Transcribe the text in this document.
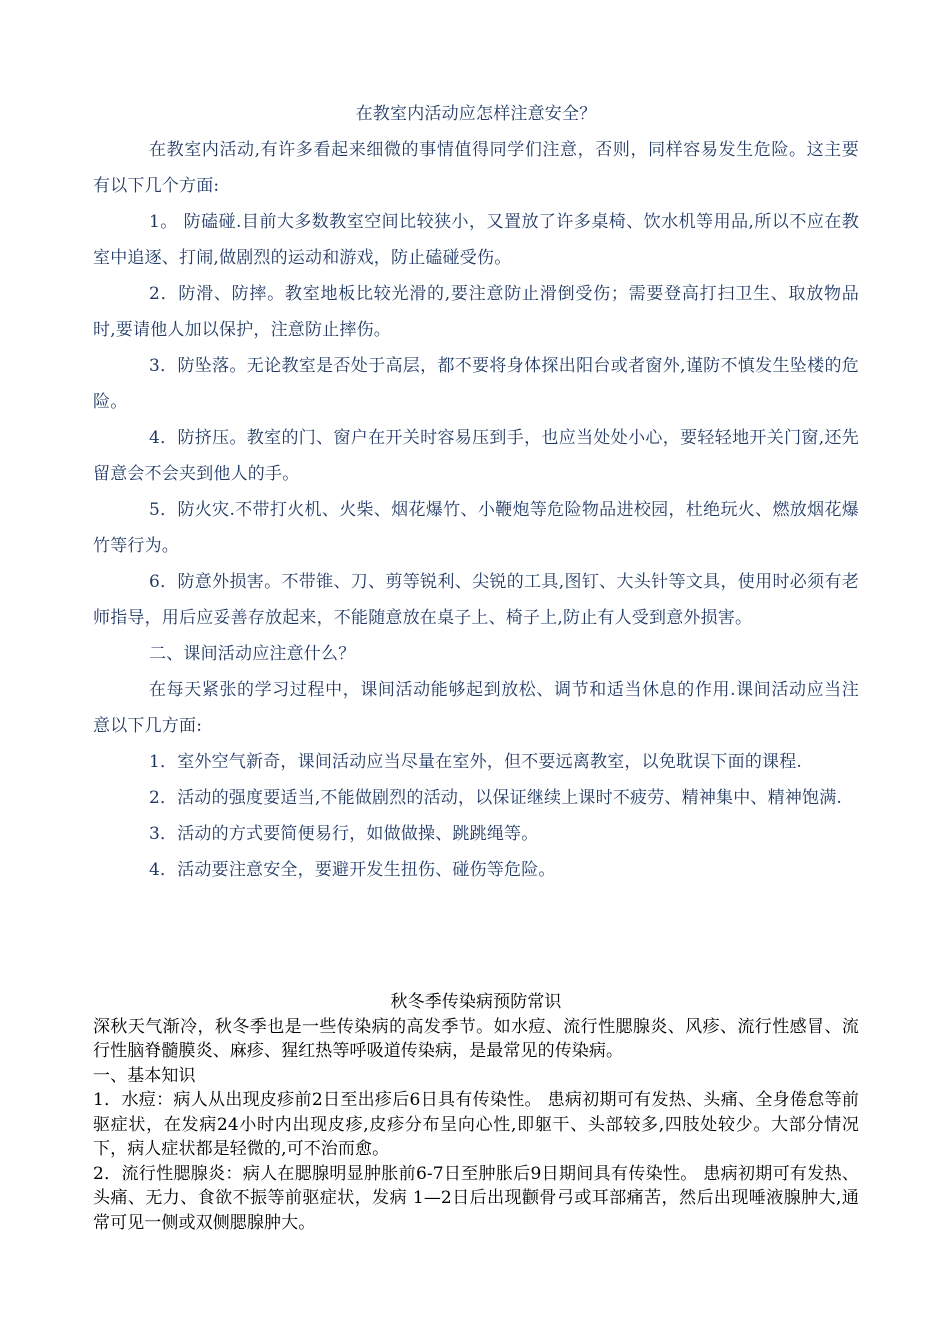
在教室内活动应怎样注意安全？

在教室内活动,有许多看起来细微的事情值得同学们注意，否则，同样容易发生危险。这主要有以下几个方面:

1。 防磕碰.目前大多数教室空间比较狭小，又置放了许多桌椅、饮水机等用品,所以不应在教室中追逐、打闹,做剧烈的运动和游戏，防止磕碰受伤。

2．防滑、防摔。教室地板比较光滑的,要注意防止滑倒受伤；需要登高打扫卫生、取放物品时,要请他人加以保护，注意防止摔伤。

3．防坠落。无论教室是否处于高层，都不要将身体探出阳台或者窗外,谨防不慎发生坠楼的危险。

4．防挤压。教室的门、窗户在开关时容易压到手，也应当处处小心，要轻轻地开关门窗,还先留意会不会夹到他人的手。

5．防火灾.不带打火机、火柴、烟花爆竹、小鞭炮等危险物品进校园，杜绝玩火、燃放烟花爆竹等行为。

6．防意外损害。不带锥、刀、剪等锐利、尖锐的工具,图钉、大头针等文具，使用时必须有老师指导，用后应妥善存放起来，不能随意放在桌子上、椅子上,防止有人受到意外损害。

二、课间活动应注意什么？

在每天紧张的学习过程中，课间活动能够起到放松、调节和适当休息的作用.课间活动应当注意以下几方面:

1．室外空气新奇，课间活动应当尽量在室外，但不要远离教室，以免耽误下面的课程.

2．活动的强度要适当,不能做剧烈的活动，以保证继续上课时不疲劳、精神集中、精神饱满.

3．活动的方式要简便易行，如做做操、跳跳绳等。

4．活动要注意安全，要避开发生扭伤、碰伤等危险。

秋冬季传染病预防常识

深秋天气渐冷，秋冬季也是一些传染病的高发季节。如水痘、流行性腮腺炎、风疹、流行性感冒、流行性脑脊髓膜炎、麻疹、猩红热等呼吸道传染病，是最常见的传染病。

一、基本知识

1．水痘：病人从出现皮疹前2日至出疹后6日具有传染性。 患病初期可有发热、头痛、全身倦怠等前驱症状，在发病24小时内出现皮疹,皮疹分布呈向心性,即躯干、头部较多,四肢处较少。大部分情况下，病人症状都是轻微的,可不治而愈。

2．流行性腮腺炎：病人在腮腺明显肿胀前6-7日至肿胀后9日期间具有传染性。 患病初期可有发热、头痛、无力、食欲不振等前驱症状，发病 1—2日后出现颧骨弓或耳部痛苦，然后出现唾液腺肿大,通常可见一侧或双侧腮腺肿大。
